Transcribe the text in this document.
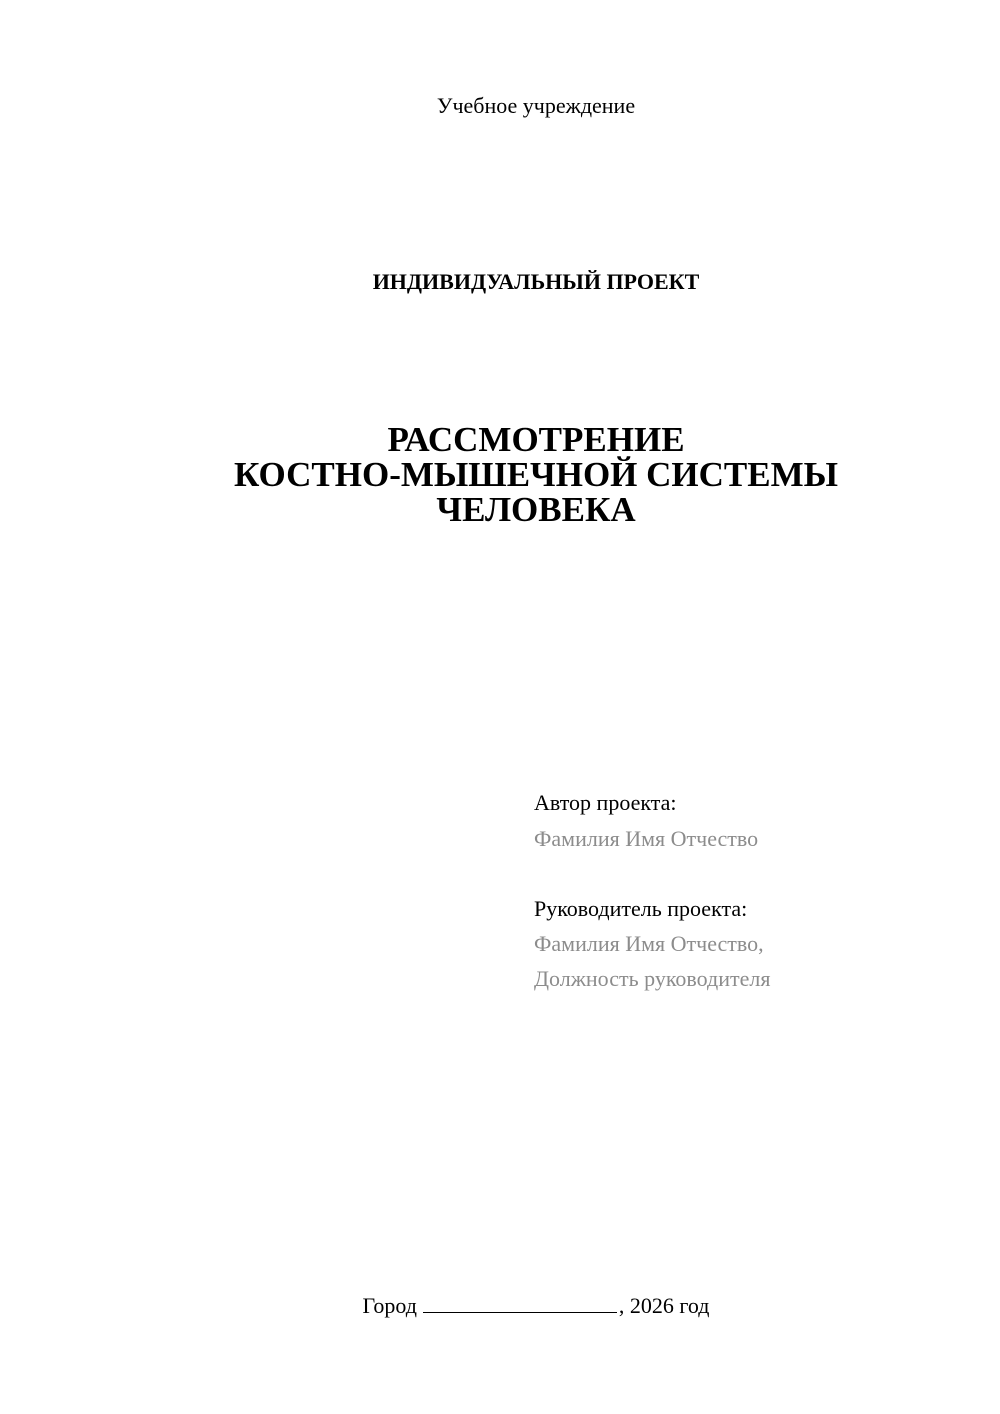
Учебное учреждение
ИНДИВИДУАЛЬНЫЙ ПРОЕКТ
РАССМОТРЕНИЕ
КОСТНО-МЫШЕЧНОЙ СИСТЕМЫ
ЧЕЛОВЕКА
Автор проекта:
Фамилия Имя Отчество
Руководитель проекта:
Фамилия Имя Отчество,
Должность руководителя
Город	, 2026 год
